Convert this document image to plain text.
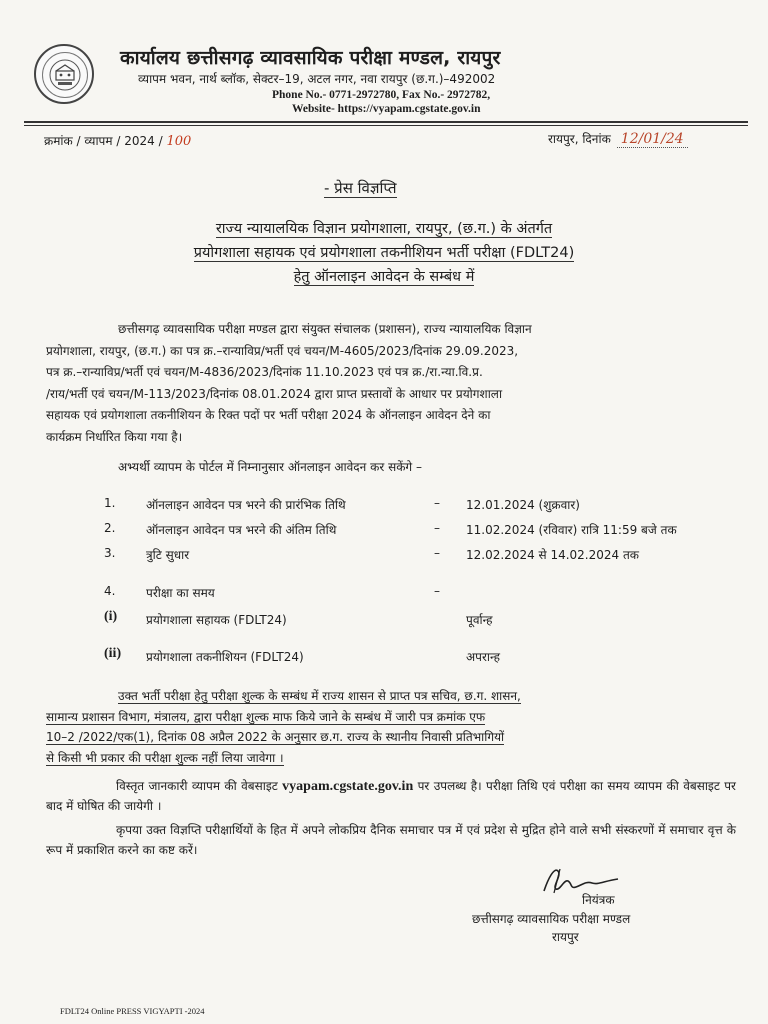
कार्यालय छत्तीसगढ़ व्यावसायिक परीक्षा मण्डल, रायपुर
व्यापम भवन, नार्थ ब्लॉक, सेक्टर–19, अटल नगर, नवा रायपुर (छ.ग.)–492002
Phone No.- 0771-2972780, Fax No.- 2972782,
Website- https://vyapam.cgstate.gov.in
क्रमांक / व्यापम / 2024 / 100	रायपुर, दिनांक 12/01/24
- प्रेस विज्ञप्ति
राज्य न्यायालयिक विज्ञान प्रयोगशाला, रायपुर, (छ.ग.) के अंतर्गत
प्रयोगशाला सहायक एवं प्रयोगशाला तकनीशियन भर्ती परीक्षा (FDLT24)
हेतु ऑनलाइन आवेदन के सम्बंध में

छत्तीसगढ़ व्यावसायिक परीक्षा मण्डल द्वारा संयुक्त संचालक (प्रशासन), राज्य न्यायालयिक विज्ञान

प्रयोगशाला, रायपुर, (छ.ग.) का पत्र क्र.–रान्याविप्र/भर्ती एवं चयन/M-4605/2023/दिनांक 29.09.2023,

पत्र क्र.–रान्याविप्र/भर्ती एवं चयन/M-4836/2023/दिनांक 11.10.2023 एवं पत्र क्र./रा.न्या.वि.प्र.

/राय/भर्ती एवं चयन/M-113/2023/दिनांक 08.01.2024 द्वारा प्राप्त प्रस्तावों के आधार पर प्रयोगशाला

सहायक एवं प्रयोगशाला तकनीशियन के रिक्त पदों पर भर्ती परीक्षा 2024 के ऑनलाइन आवेदन देने का

कार्यक्रम निर्धारित किया गया है।

अभ्यर्थी व्यापम के पोर्टल में निम्नानुसार ऑनलाइन आवेदन कर सकेंगे –
1.	ऑनलाइन आवेदन पत्र भरने की प्रारंभिक तिथि	– 12.01.2024 (शुक्रवार)
2.	ऑनलाइन आवेदन पत्र भरने की अंतिम तिथि	– 11.02.2024 (रविवार) रात्रि 11:59 बजे तक
3.	त्रुटि सुधार	– 12.02.2024 से 14.02.2024 तक
4.	परीक्षा का समय	–
(i) प्रयोगशाला सहायक (FDLT24)	पूर्वान्ह
(ii) प्रयोगशाला तकनीशियन (FDLT24)	अपरान्ह

उक्त भर्ती परीक्षा हेतु परीक्षा शुल्क के सम्बंध में राज्य शासन से प्राप्त पत्र सचिव, छ.ग. शासन,

सामान्य प्रशासन विभाग, मंत्रालय, द्वारा परीक्षा शुल्क माफ किये जाने के सम्बंध में जारी पत्र क्रमांक एफ

10–2 /2022/एक(1), दिनांक 08 अप्रैल 2022 के अनुसार छ.ग. राज्य के स्थानीय निवासी प्रतिभागियों

से किसी भी प्रकार की परीक्षा शुल्क नहीं लिया जावेगा ।

विस्तृत जानकारी व्यापम की वेबसाइट vyapam.cgstate.gov.in पर उपलब्ध है। परीक्षा तिथि एवं परीक्षा का समय व्यापम की वेबसाइट पर बाद में घोषित की जायेगी ।

कृपया उक्त विज्ञप्ति परीक्षार्थियों के हित में अपने लोकप्रिय दैनिक समाचार पत्र में एवं प्रदेश से मुद्रित होने वाले सभी संस्करणों में समाचार वृत्त के रूप में प्रकाशित करने का कष्ट करें।

नियंत्रक
छत्तीसगढ़ व्यावसायिक परीक्षा मण्डल
रायपुर
FDLT24 Online PRESS VIGYAPTI -2024
